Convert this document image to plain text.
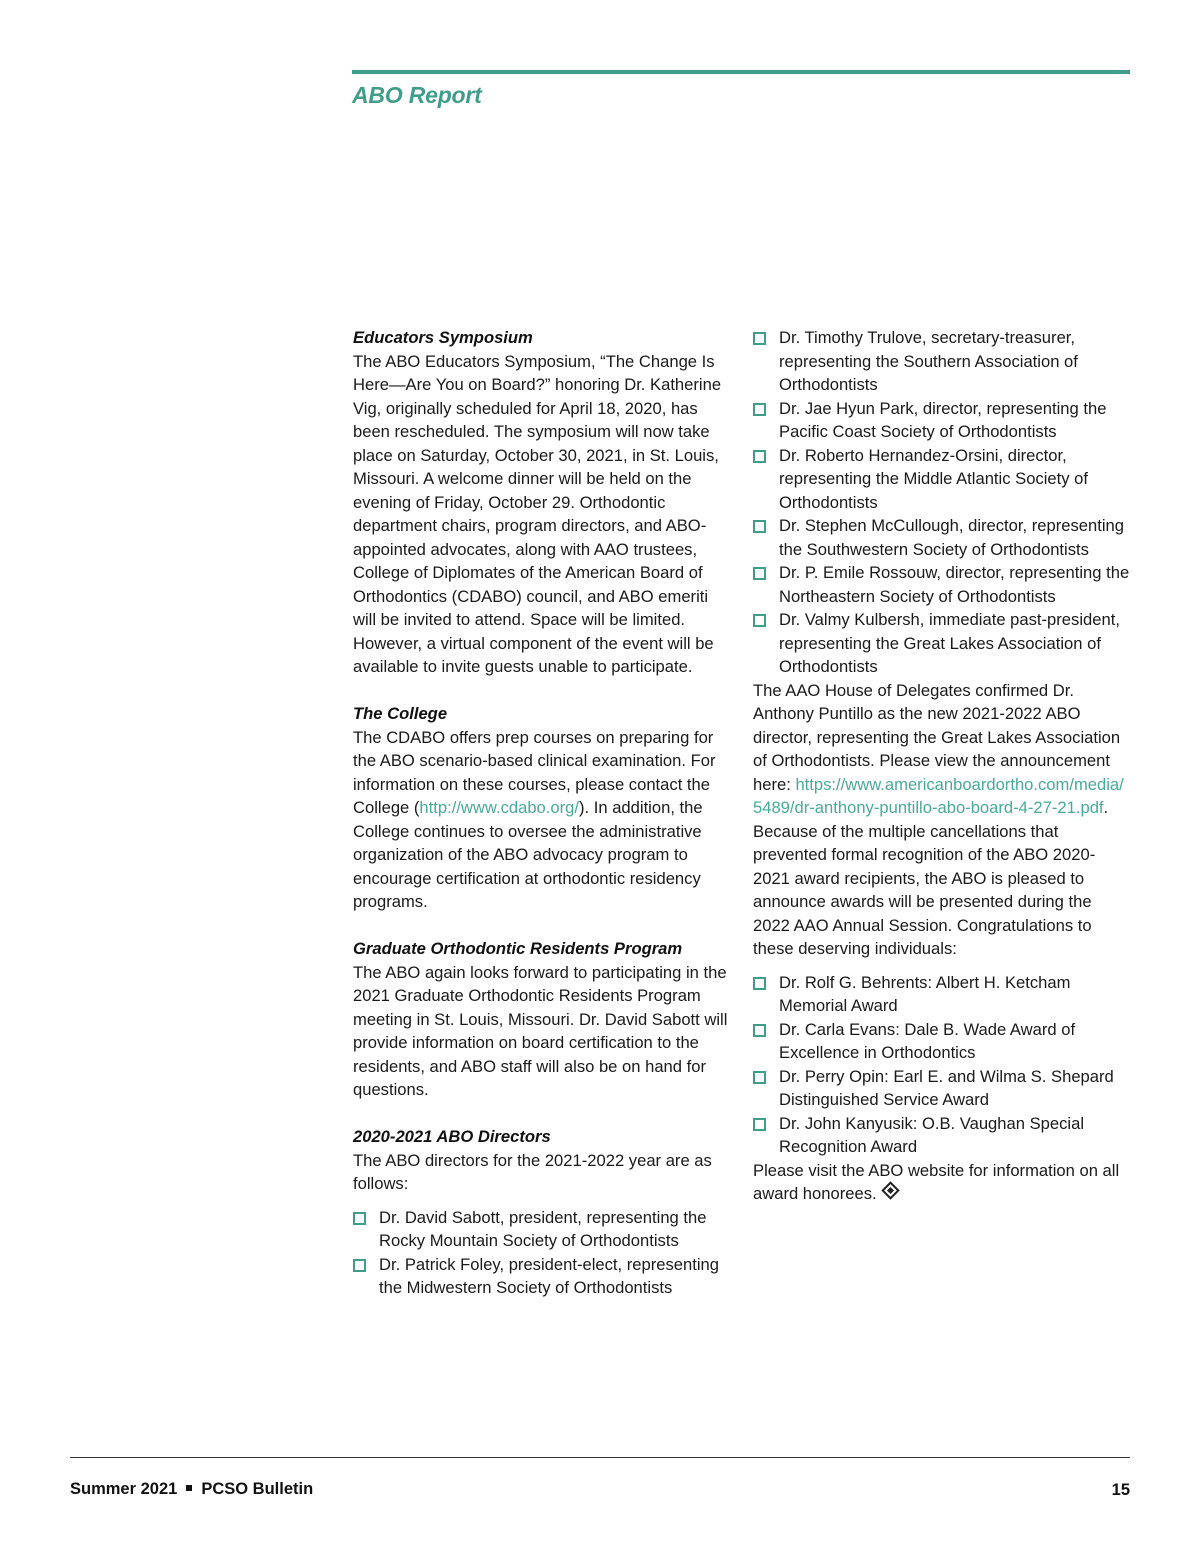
ABO Report
Educators Symposium

The ABO Educators Symposium, “The Change Is Here—Are You on Board?” honoring Dr. Katherine Vig, originally scheduled for April 18, 2020, has been rescheduled. The symposium will now take place on Saturday, October 30, 2021, in St. Louis, Missouri. A welcome dinner will be held on the evening of Friday, October 29. Orthodontic department chairs, program directors, and ABO-appointed advocates, along with AAO trustees, College of Diplomates of the American Board of Orthodontics (CDABO) council, and ABO emeriti will be invited to attend. Space will be limited. However, a virtual component of the event will be available to invite guests unable to participate.

The College

The CDABO offers prep courses on preparing for the ABO scenario-based clinical examination. For information on these courses, please contact the College (http://www.cdabo.org/). In addition, the College continues to oversee the administrative organization of the ABO advocacy program to encourage certification at orthodontic residency programs.

Graduate Orthodontic Residents Program

The ABO again looks forward to participating in the 2021 Graduate Orthodontic Residents Program meeting in St. Louis, Missouri. Dr. David Sabott will provide information on board certification to the residents, and ABO staff will also be on hand for questions.

2020-2021 ABO Directors

The ABO directors for the 2021-2022 year are as follows:

Dr. David Sabott, president, representing the Rocky Mountain Society of Orthodontists
Dr. Patrick Foley, president-elect, representing the Midwestern Society of Orthodontists
Dr. Timothy Trulove, secretary-treasurer, representing the Southern Association of Orthodontists
Dr. Jae Hyun Park, director, representing the Pacific Coast Society of Orthodontists
Dr. Roberto Hernandez-Orsini, director, representing the Middle Atlantic Society of Orthodontists
Dr. Stephen McCullough, director, representing the Southwestern Society of Orthodontists
Dr. P. Emile Rossouw, director, representing the Northeastern Society of Orthodontists
Dr. Valmy Kulbersh, immediate past-president, representing the Great Lakes Association of Orthodontists

The AAO House of Delegates confirmed Dr. Anthony Puntillo as the new 2021-2022 ABO director, representing the Great Lakes Association of Orthodontists. Please view the announcement here: https://www.americanboardortho.com/media/5489/dr-anthony-puntillo-abo-board-4-27-21.pdf.

Because of the multiple cancellations that prevented formal recognition of the ABO 2020-2021 award recipients, the ABO is pleased to announce awards will be presented during the 2022 AAO Annual Session. Congratulations to these deserving individuals:

Dr. Rolf G. Behrents: Albert H. Ketcham Memorial Award
Dr. Carla Evans: Dale B. Wade Award of Excellence in Orthodontics
Dr. Perry Opin: Earl E. and Wilma S. Shepard Distinguished Service Award
Dr. John Kanyusik: O.B. Vaughan Special Recognition Award

Please visit the ABO website for information on all award honorees.

Summer 2021 PCSO Bulletin	15
